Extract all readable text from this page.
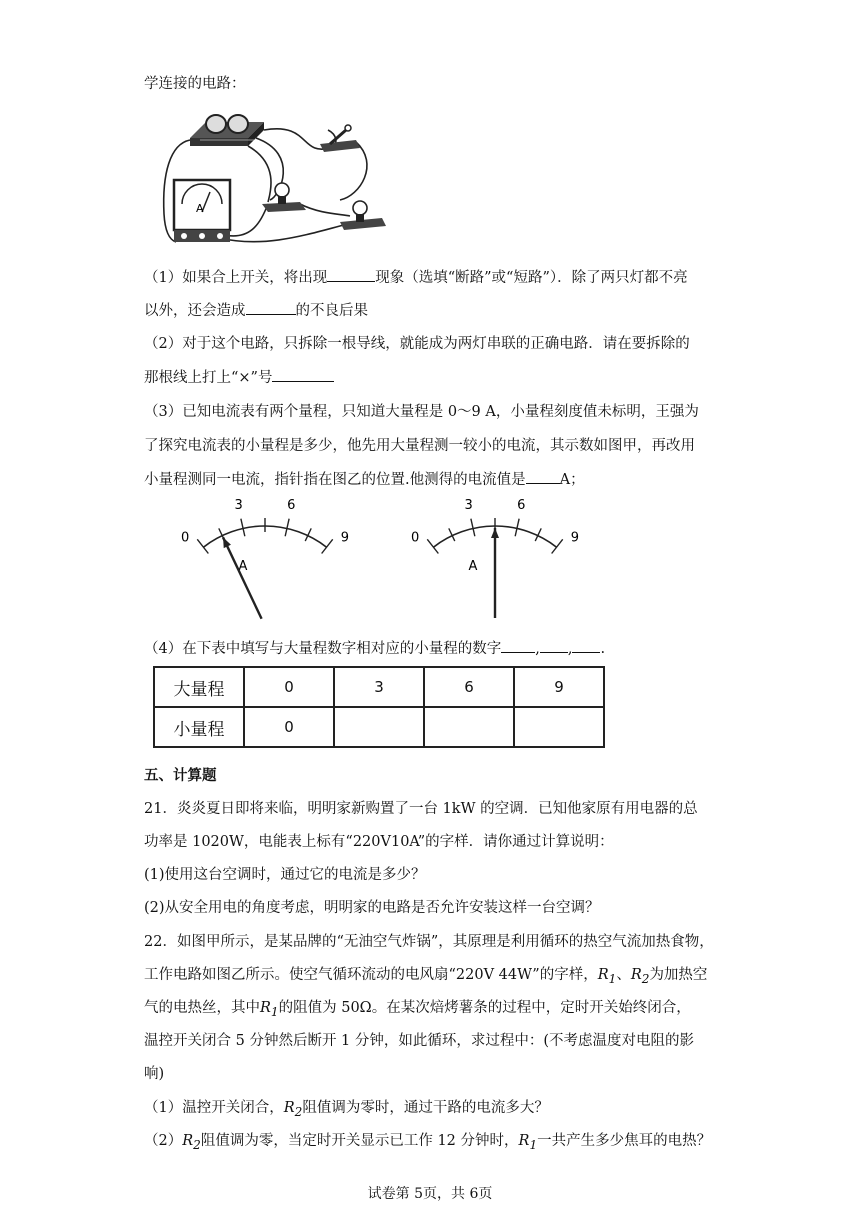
学连接的电路：
A
（1）如果合上开关，将出现	现象（选填“断路”或“短路”）．除了两只灯都不亮
以外，还会造成	的不良后果
（2）对于这个电路，只拆除一根导线，就能成为两灯串联的正确电路．请在要拆除的
那根线上打上“×”号
（3）已知电流表有两个量程，只知道大量程是 0～9 A，小量程刻度值未标明，王强为
了探究电流表的小量程是多少，他先用大量程测一较小的电流，其示数如图甲，再改用
小量程测同一电流，指针指在图乙的位置.他测得的电流值是 A；
0
3	6
9
A
0
3	6
9
A
（4）在下表中填写与大量程数字相对应的小量程的数字 , , .
大量程	0	3	6	9
小量程	0			
五、计算题
21．炎炎夏日即将来临，明明家新购置了一台 1kW 的空调．已知他家原有用电器的总
功率是 1020W，电能表上标有“220V10A”的字样．请你通过计算说明：
(1)使用这台空调时，通过它的电流是多少？
(2)从安全用电的角度考虑，明明家的电路是否允许安装这样一台空调？
22．如图甲所示，是某品牌的“无油空气炸锅”，其原理是利用循环的热空气流加热食物，
工作电路如图乙所示。使空气循环流动的电风扇“220V 44W”的字样，$R_1$、$R_2$为加热空
气的电热丝，其中$R_1$的阻值为 50Ω。在某次焙烤薯条的过程中，定时开关始终闭合，
温控开关闭合 5 分钟然后断开 1 分钟，如此循环，求过程中：(不考虑温度对电阻的影
响)
（1）温控开关闭合，$R_2$阻值调为零时，通过干路的电流多大？
$(2)R_2$阻值调为零，当定时开关显示已工作 12 分钟时，$R_1$一共产生多少焦耳的电热？
试卷第 5页，共 6页
